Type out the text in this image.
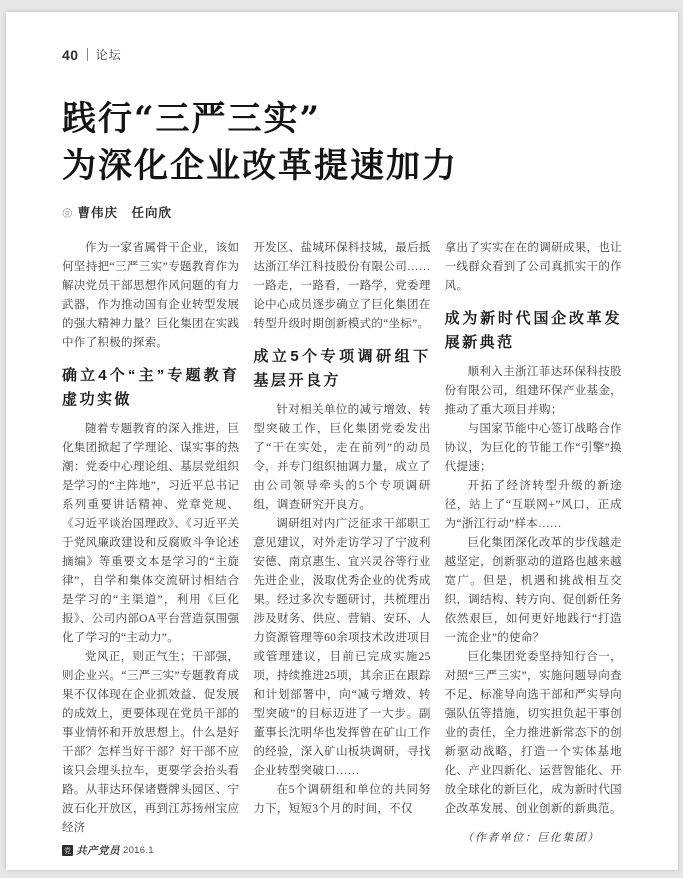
40 论坛
践行“三严三实”
为深化企业改革提速加力
◎ 曹伟庆　任向欣

作为一家省属骨干企业，该如何坚持把“三严三实”专题教育作为解决党员干部思想作风问题的有力武器，作为推动国有企业转型发展的强大精神力量？巨化集团在实践中作了积极的探索。

确立4个“主”专题教育虚功实做

随着专题教育的深入推进，巨化集团掀起了学理论、谋实事的热潮：党委中心理论组、基层党组织是学习的“主阵地”，习近平总书记系列重要讲话精神、党章党规、《习近平谈治国理政》、《习近平关于党风廉政建设和反腐败斗争论述摘编》等重要文本是学习的“主旋律”，自学和集体交流研讨相结合是学习的“主渠道”，利用《巨化报》、公司内部OA平台营造氛围强化了学习的“主动力”。

党风正，则正气生；干部强，则企业兴。“三严三实”专题教育成果不仅体现在企业抓效益、促发展的成效上，更要体现在党员干部的事业情怀和开放思想上。什么是好干部？怎样当好干部？好干部不应该只会埋头拉车，更要学会抬头看路。从菲达环保诸暨牌头园区、宁波石化开放区，再到江苏扬州宝应经济

开发区、盐城环保科技城，最后抵达浙江华江科技股份有限公司……一路走，一路看，一路学，党委理论中心成员逐步确立了巨化集团在转型升级时期创新模式的“坐标”。

成立5个专项调研组下基层开良方

针对相关单位的减亏增效、转型突破工作，巨化集团党委发出了“干在实处，走在前列”的动员令，并专门组织抽调力量，成立了由公司领导牵头的5个专项调研组，调查研究开良方。

调研组对内广泛征求干部职工意见建议，对外走访学习了宁波利安德、南京惠生、宜兴灵谷等行业先进企业，汲取优秀企业的优秀成果。经过多次专题研讨，共梳理出涉及财务、供应、营销、安环、人力资源管理等60余项技术改进项目或管理建议，目前已完成实施25项，持续推进25项，其余正在跟踪和计划部署中，向“减亏增效、转型突破”的目标迈进了一大步。副董事长沈明华也发挥曾在矿山工作的经验，深入矿山板块调研，寻找企业转型突破口……

在5个调研组和单位的共同努力下，短短3个月的时间，不仅

拿出了实实在在的调研成果，也让一线群众看到了公司真抓实干的作风。

成为新时代国企改革发展新典范

顺利入主浙江菲达环保科技股份有限公司，组建环保产业基金，推动了重大项目并购；

与国家节能中心签订战略合作协议，为巨化的节能工作“引擎”换代提速；

开拓了经济转型升级的新途径，站上了“互联网+”风口，正成为“浙江行动”样本……

巨化集团深化改革的步伐越走越坚定，创新驱动的道路也越来越宽广。但是，机遇和挑战相互交织，调结构、转方向、促创新任务依然艰巨，如何更好地践行“打造一流企业”的使命？

巨化集团党委坚持知行合一，对照“三严三实”，实施问题导向查不足、标准导向选干部和严实导向强队伍等措施，切实担负起干事创业的责任，全力推进新常态下的创新驱动战略，打造一个实体基地化、产业四新化、运营智能化、开放全球化的新巨化，成为新时代国企改革发展、创业创新的新典范。

（作者单位：巨化集团）

党 共产党员 2016.1
